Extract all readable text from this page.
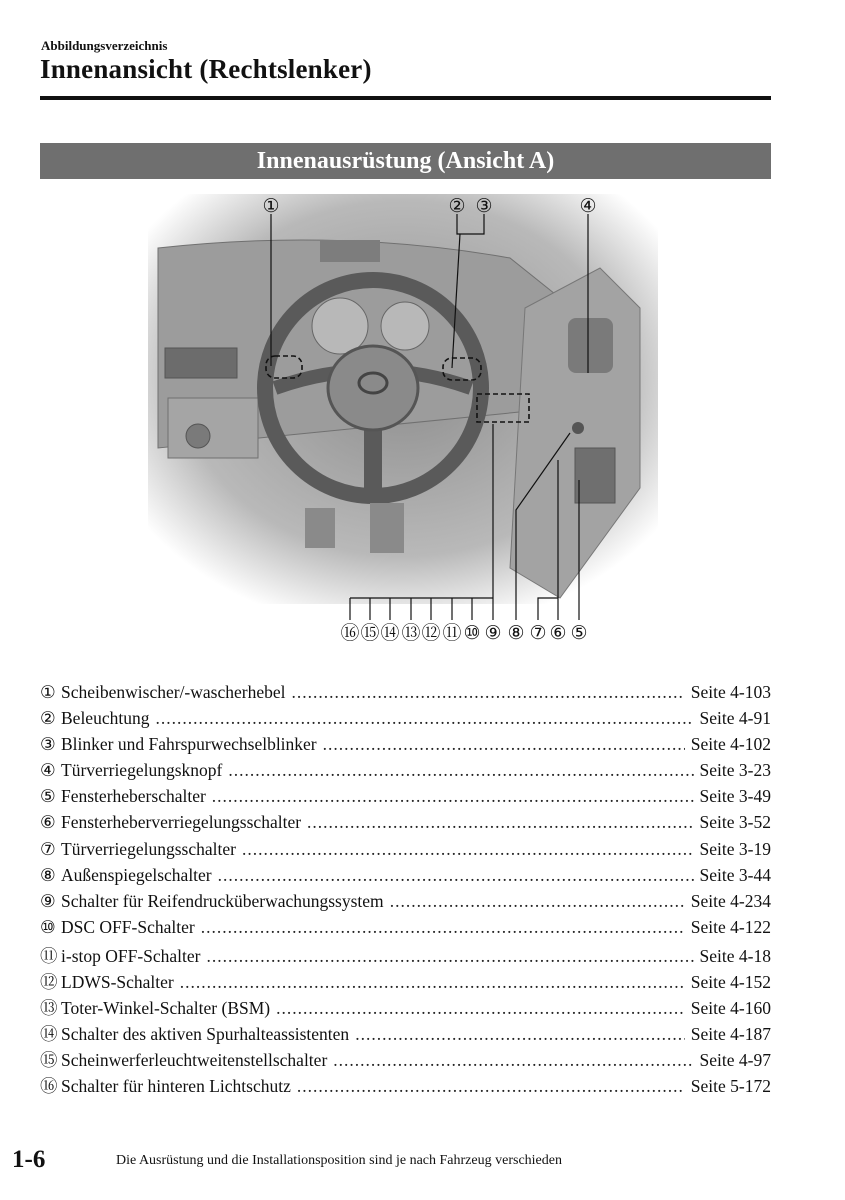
Abbildungsverzeichnis
Innenansicht (Rechtslenker)
Innenausrüstung (Ansicht A)
①	② ③	④
⑯ ⑮ ⑭ ⑬ ⑫ ⑪ ⑩ ⑨ ⑧ ⑦ ⑥ ⑤
① Scheibenwischer/-wascherhebel .....	Seite 4-103
② Beleuchtung .....	Seite 4-91
③ Blinker und Fahrspurwechselblinker .....	Seite 4-102
④ Türverriegelungsknopf .....	Seite 3-23
⑤ Fensterheberschalter .....	Seite 3-49
⑥ Fensterheberverriegelungsschalter .....	Seite 3-52
⑦ Türverriegelungsschalter .....	Seite 3-19
⑧ Außenspiegelschalter .....	Seite 3-44
⑨ Schalter für Reifendrucküberwachungssystem .....	Seite 4-234
⑩ DSC OFF-Schalter .....	Seite 4-122
⑪ i-stop OFF-Schalter .....	Seite 4-18
⑫ LDWS-Schalter .....	Seite 4-152
⑬ Toter-Winkel-Schalter (BSM) .....	Seite 4-160
⑭ Schalter des aktiven Spurhalteassistenten .....	Seite 4-187
⑮ Scheinwerferleuchtweitenstellschalter .....	Seite 4-97
⑯ Schalter für hinteren Lichtschutz .....	Seite 5-172
1-6	Die Ausrüstung und die Installationsposition sind je nach Fahrzeug verschieden
